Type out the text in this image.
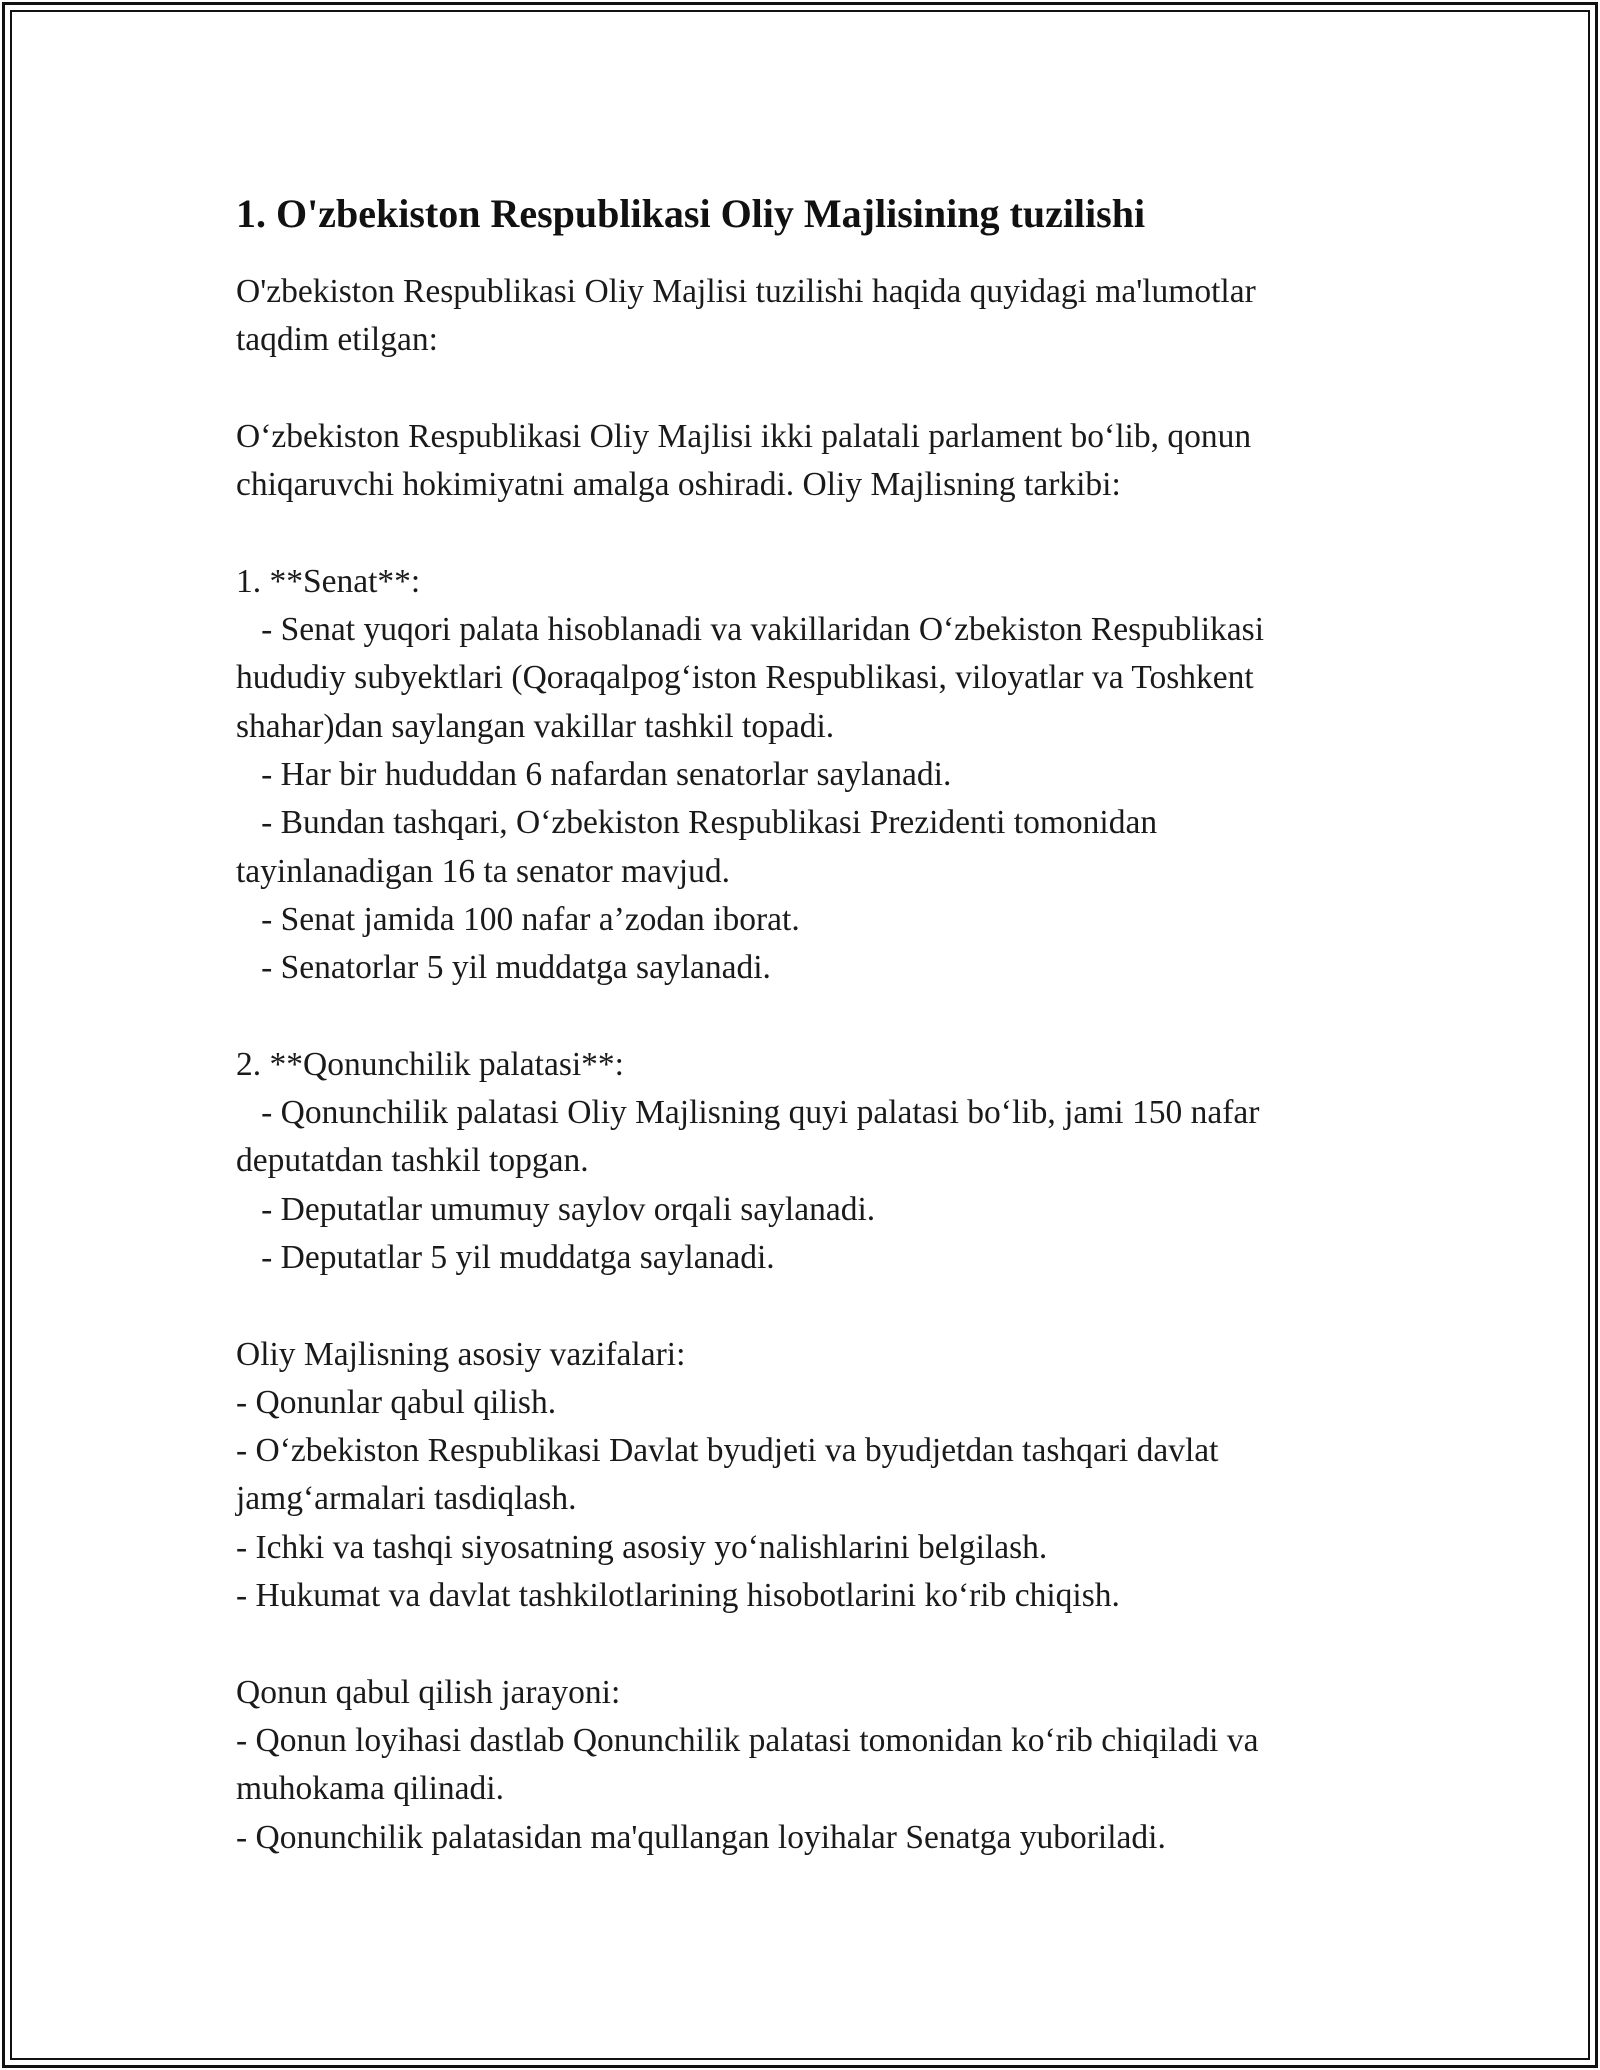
1. O'zbekiston Respublikasi Oliy Majlisining tuzilishi

O'zbekiston Respublikasi Oliy Majlisi tuzilishi haqida quyidagi ma'lumotlar
taqdim etilgan:

O‘zbekiston Respublikasi Oliy Majlisi ikki palatali parlament bo‘lib, qonun
chiqaruvchi hokimiyatni amalga oshiradi. Oliy Majlisning tarkibi:

1. **Senat**:
- Senat yuqori palata hisoblanadi va vakillaridan O‘zbekiston Respublikasi
hududiy subyektlari (Qoraqalpog‘iston Respublikasi, viloyatlar va Toshkent
shahar)dan saylangan vakillar tashkil topadi.
- Har bir hududdan 6 nafardan senatorlar saylanadi.
- Bundan tashqari, O‘zbekiston Respublikasi Prezidenti tomonidan
tayinlanadigan 16 ta senator mavjud.
- Senat jamida 100 nafar a’zodan iborat.
- Senatorlar 5 yil muddatga saylanadi.

2. **Qonunchilik palatasi**:
- Qonunchilik palatasi Oliy Majlisning quyi palatasi bo‘lib, jami 150 nafar
deputatdan tashkil topgan.
- Deputatlar umumuy saylov orqali saylanadi.
- Deputatlar 5 yil muddatga saylanadi.

Oliy Majlisning asosiy vazifalari:
- Qonunlar qabul qilish.
- O‘zbekiston Respublikasi Davlat byudjeti va byudjetdan tashqari davlat
jamg‘armalari tasdiqlash.
- Ichki va tashqi siyosatning asosiy yo‘nalishlarini belgilash.
- Hukumat va davlat tashkilotlarining hisobotlarini ko‘rib chiqish.

Qonun qabul qilish jarayoni:
- Qonun loyihasi dastlab Qonunchilik palatasi tomonidan ko‘rib chiqiladi va
muhokama qilinadi.
- Qonunchilik palatasidan ma'qullangan loyihalar Senatga yuboriladi.
